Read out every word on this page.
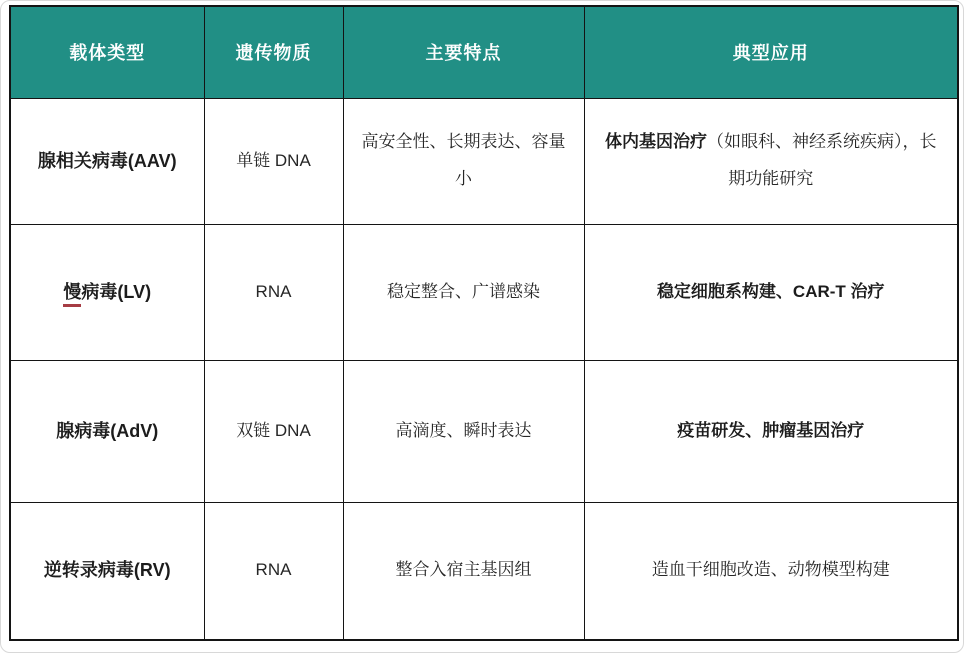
载体类型	遗传物质	主要特点	典型应用
腺相关病毒(AAV)	单链 DNA	高安全性、长期表达、容量小	体内基因治疗（如眼科、神经系统疾病），长期功能研究
慢病毒(LV)	RNA	稳定整合、广谱感染	稳定细胞系构建、CAR-T 治疗
腺病毒(AdV)	双链 DNA	高滴度、瞬时表达	疫苗研发、肿瘤基因治疗
逆转录病毒(RV)	RNA	整合入宿主基因组	造血干细胞改造、动物模型构建
